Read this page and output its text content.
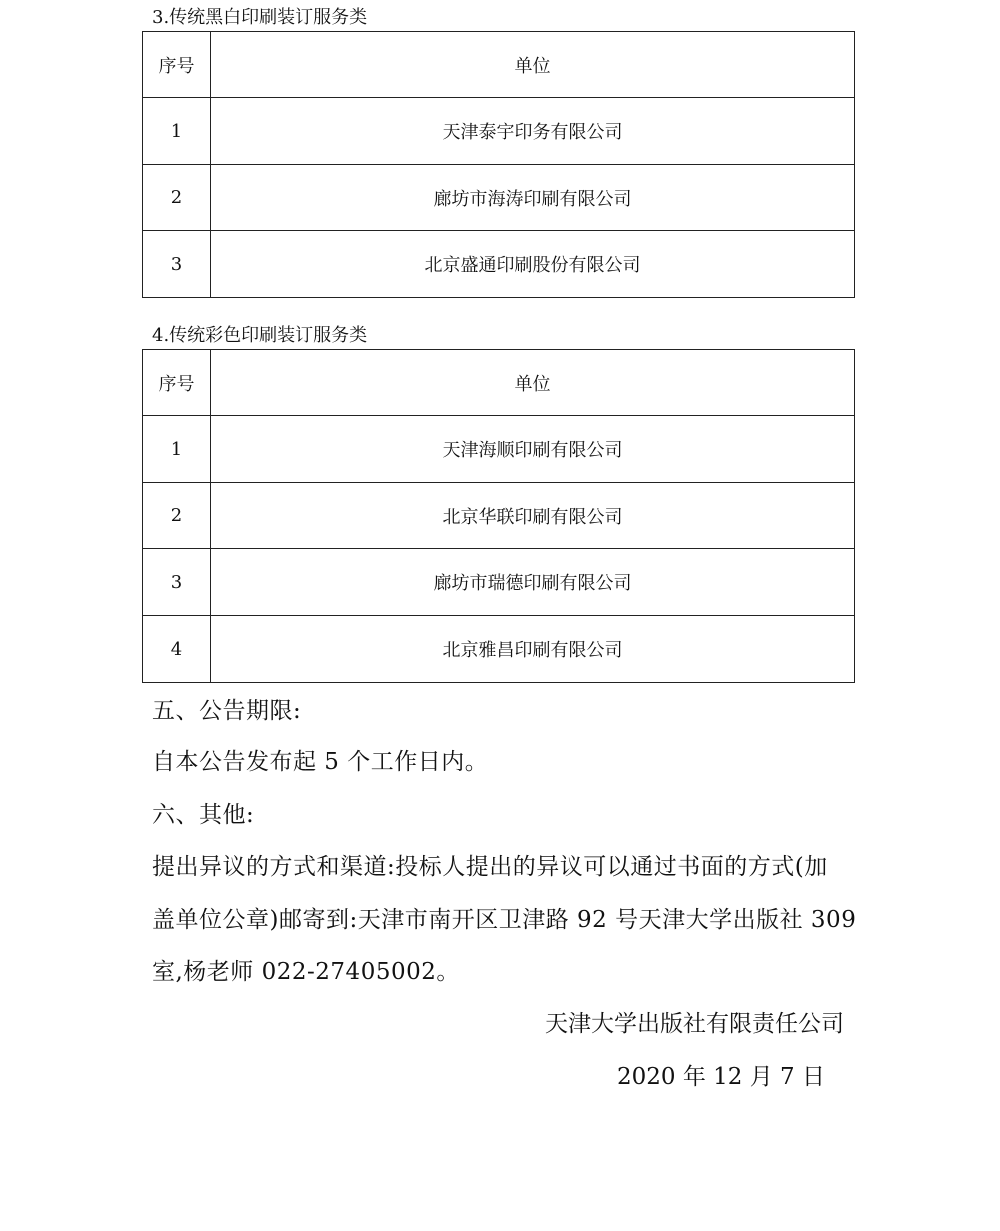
3.传统黑白印刷装订服务类
序号	单位
1	天津泰宇印务有限公司
2	廊坊市海涛印刷有限公司
3	北京盛通印刷股份有限公司
4.传统彩色印刷装订服务类
序号	单位
1	天津海顺印刷有限公司
2	北京华联印刷有限公司
3	廊坊市瑞德印刷有限公司
4	北京雅昌印刷有限公司
五、公告期限:
自本公告发布起 5 个工作日内。
六、其他:
提出异议的方式和渠道:投标人提出的异议可以通过书面的方式(加
盖单位公章)邮寄到:天津市南开区卫津路 92 号天津大学出版社 309
室,杨老师 022-27405002。
天津大学出版社有限责任公司
2020 年 12 月 7 日
